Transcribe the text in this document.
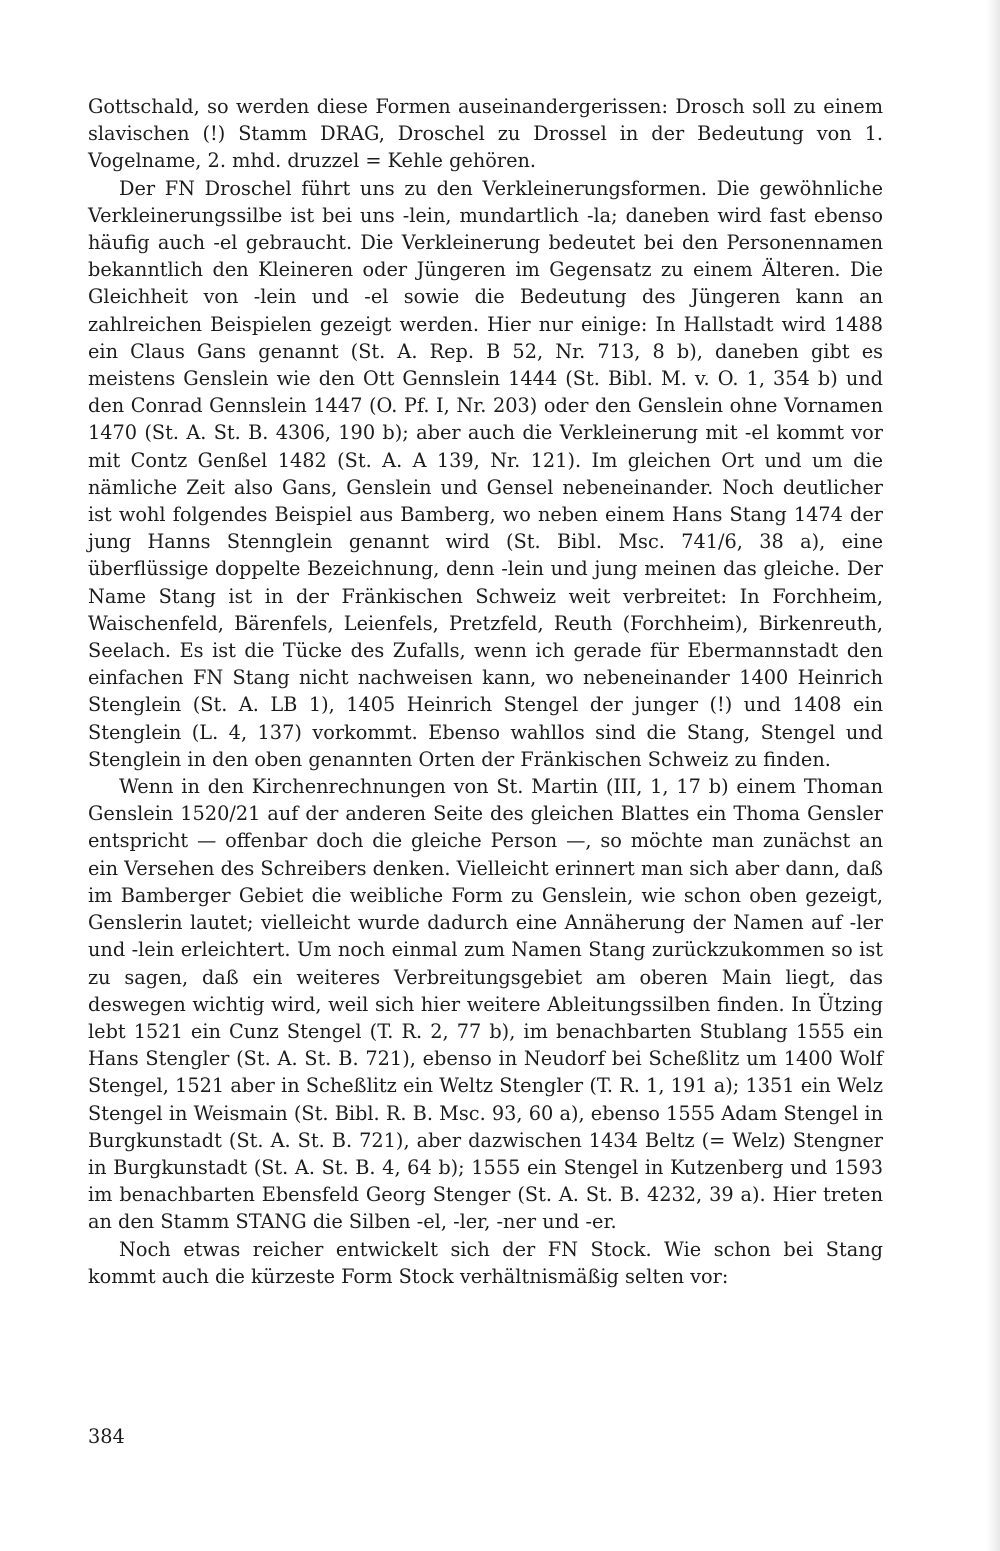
Gottschald, so werden diese Formen auseinandergerissen: Drosch soll zu einem slavischen (!) Stamm DRAG, Droschel zu Drossel in der Bedeutung von 1. Vogelname, 2. mhd. druzzel = Kehle gehören.

Der FN Droschel führt uns zu den Verkleinerungsformen. Die gewöhnliche Verkleinerungssilbe ist bei uns -lein, mundartlich -la; daneben wird fast ebenso häufig auch -el gebraucht. Die Verkleinerung bedeutet bei den Personennamen bekanntlich den Kleineren oder Jüngeren im Gegensatz zu einem Älteren. Die Gleichheit von -lein und -el sowie die Bedeutung des Jüngeren kann an zahlreichen Beispielen gezeigt werden. Hier nur einige: In Hallstadt wird 1488 ein Claus Gans genannt (St. A. Rep. B 52, Nr. 713, 8 b), daneben gibt es meistens Genslein wie den Ott Gennslein 1444 (St. Bibl. M. v. O. 1, 354 b) und den Conrad Gennslein 1447 (O. Pf. I, Nr. 203) oder den Genslein ohne Vornamen 1470 (St. A. St. B. 4306, 190 b); aber auch die Verkleinerung mit -el kommt vor mit Contz Genßel 1482 (St. A. A 139, Nr. 121). Im gleichen Ort und um die nämliche Zeit also Gans, Genslein und Gensel nebeneinander. Noch deutlicher ist wohl folgendes Beispiel aus Bamberg, wo neben einem Hans Stang 1474 der jung Hanns Stennglein genannt wird (St. Bibl. Msc. 741/6, 38 a), eine überflüssige doppelte Bezeichnung, denn -lein und jung meinen das gleiche. Der Name Stang ist in der Fränkischen Schweiz weit verbreitet: In Forchheim, Waischenfeld, Bärenfels, Leienfels, Pretzfeld, Reuth (Forchheim), Birkenreuth, Seelach. Es ist die Tücke des Zufalls, wenn ich gerade für Ebermannstadt den einfachen FN Stang nicht nachweisen kann, wo nebeneinander 1400 Heinrich Stenglein (St. A. LB 1), 1405 Heinrich Stengel der junger (!) und 1408 ein Stenglein (L. 4, 137) vorkommt. Ebenso wahllos sind die Stang, Stengel und Stenglein in den oben genannten Orten der Fränkischen Schweiz zu finden.

Wenn in den Kirchenrechnungen von St. Martin (III, 1, 17 b) einem Thoman Genslein 1520/21 auf der anderen Seite des gleichen Blattes ein Thoma Gensler entspricht — offenbar doch die gleiche Person —, so möchte man zunächst an ein Versehen des Schreibers denken. Vielleicht erinnert man sich aber dann, daß im Bamberger Gebiet die weibliche Form zu Genslein, wie schon oben gezeigt, Genslerin lautet; vielleicht wurde dadurch eine Annäherung der Namen auf -ler und -lein erleichtert. Um noch einmal zum Namen Stang zurückzukommen so ist zu sagen, daß ein weiteres Verbreitungsgebiet am oberen Main liegt, das deswegen wichtig wird, weil sich hier weitere Ableitungssilben finden. In Ützing lebt 1521 ein Cunz Stengel (T. R. 2, 77 b), im benachbarten Stublang 1555 ein Hans Stengler (St. A. St. B. 721), ebenso in Neudorf bei Scheßlitz um 1400 Wolf Stengel, 1521 aber in Scheßlitz ein Weltz Stengler (T. R. 1, 191 a); 1351 ein Welz Stengel in Weismain (St. Bibl. R. B. Msc. 93, 60 a), ebenso 1555 Adam Stengel in Burgkunstadt (St. A. St. B. 721), aber dazwischen 1434 Beltz (= Welz) Stengner in Burgkunstadt (St. A. St. B. 4, 64 b); 1555 ein Stengel in Kutzenberg und 1593 im benachbarten Ebensfeld Georg Stenger (St. A. St. B. 4232, 39 a). Hier treten an den Stamm STANG die Silben -el, -ler, -ner und -er.

Noch etwas reicher entwickelt sich der FN Stock. Wie schon bei Stang kommt auch die kürzeste Form Stock verhältnismäßig selten vor:

384
